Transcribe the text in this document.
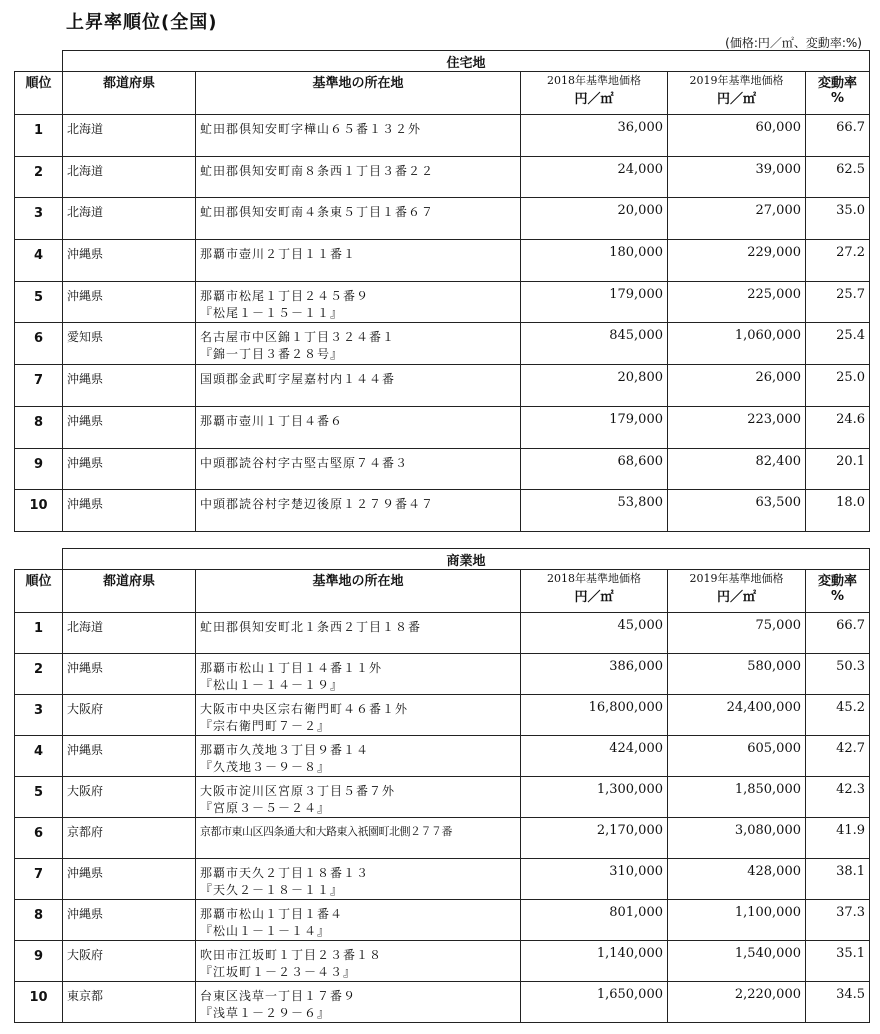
上昇率順位(全国)
(価格:円／㎡、変動率:%)
	住宅地				
順位	都道府県	基準地の所在地	2018年基準地価格
円／㎡	2019年基準地価格
円／㎡	変動率
%

1	北海道	虻田郡倶知安町字樺山６５番１３２外	36,000	60,000	66.7
2	北海道	虻田郡倶知安町南８条西１丁目３番２２	24,000	39,000	62.5
3	北海道	虻田郡倶知安町南４条東５丁目１番６７	20,000	27,000	35.0
4	沖縄県	那覇市壺川２丁目１１番１	180,000	229,000	27.2
5	沖縄県	那覇市松尾１丁目２４５番９
『松尾１－１５－１１』	179,000	225,000	25.7
6	愛知県	名古屋市中区錦１丁目３２４番１
『錦一丁目３番２８号』	845,000	1,060,000	25.4
7	沖縄県	国頭郡金武町字屋嘉村内１４４番	20,800	26,000	25.0
8	沖縄県	那覇市壺川１丁目４番６	179,000	223,000	24.6
9	沖縄県	中頭郡読谷村字古堅古堅原７４番３	68,600	82,400	20.1
10	沖縄県	中頭郡読谷村字楚辺後原１２７９番４７	53,800	63,500	18.0
	商業地				
順位	都道府県	基準地の所在地	2018年基準地価格
円／㎡	2019年基準地価格
円／㎡	変動率
%

1	北海道	虻田郡倶知安町北１条西２丁目１８番	45,000	75,000	66.7
2	沖縄県	那覇市松山１丁目１４番１１外
『松山１－１４－１９』	386,000	580,000	50.3
3	大阪府	大阪市中央区宗右衛門町４６番１外
『宗右衛門町７－２』	16,800,000	24,400,000	45.2
4	沖縄県	那覇市久茂地３丁目９番１４
『久茂地３－９－８』	424,000	605,000	42.7
5	大阪府	大阪市淀川区宮原３丁目５番７外
『宮原３－５－２４』	1,300,000	1,850,000	42.3
6	京都府	京都市東山区四条通大和大路東入祇園町北側２７７番	2,170,000	3,080,000	41.9
7	沖縄県	那覇市天久２丁目１８番１３
『天久２－１８－１１』	310,000	428,000	38.1
8	沖縄県	那覇市松山１丁目１番４
『松山１－１－１４』	801,000	1,100,000	37.3
9	大阪府	吹田市江坂町１丁目２３番１８
『江坂町１－２３－４３』	1,140,000	1,540,000	35.1
10	東京都	台東区浅草一丁目１７番９
『浅草１－２９－６』	1,650,000	2,220,000	34.5
